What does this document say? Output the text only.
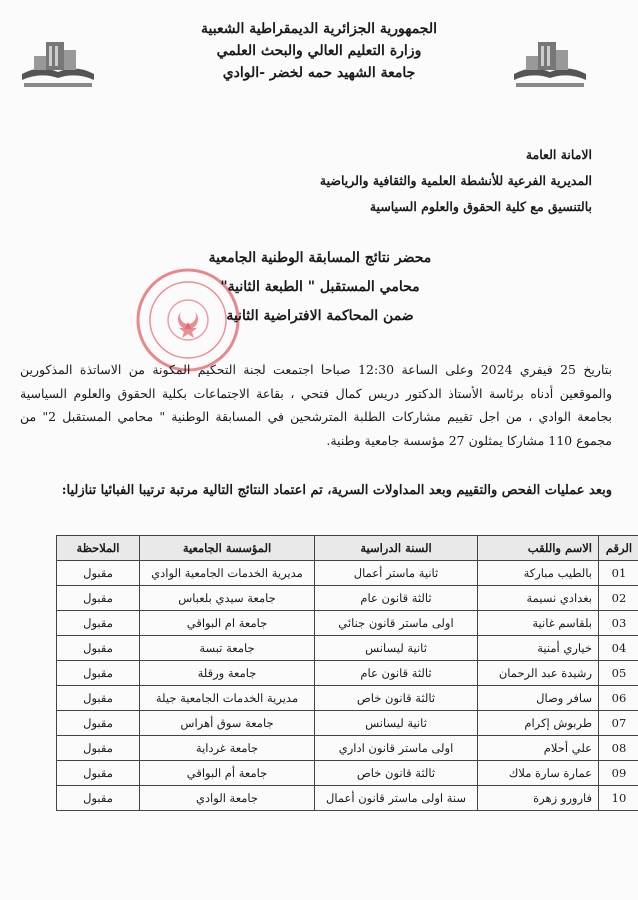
الجمهورية الجزائرية الديمقراطية الشعبية
وزارة التعليم العالي والبحث العلمي
جامعة الشهيد حمه لخضر -الوادي
الامانة العامة
المديرية الفرعية للأنشطة العلمية والثقافية والرياضية
بالتنسيق مع كلية الحقوق والعلوم السياسية
محضر نتائج المسابقة الوطنية الجامعية
محامي المستقبل " الطبعة الثانية"
ضمن المحاكمة الافتراضية الثانية

بتاريخ 25 فيفري 2024 وعلى الساعة 12:30 صباحا اجتمعت لجنة التحكيم المكونة من الاساتذة المذكورين والموقعين أدناه برئاسة الأستاذ الدكتور دريس كمال فتحي ، بقاعة الاجتماعات بكلية الحقوق والعلوم السياسية بجامعة الوادي ، من اجل تقييم مشاركات الطلبة المترشحين في المسابقة الوطنية " محامي المستقبل 2" من مجموع 110 مشاركا يمثلون 27 مؤسسة جامعية وطنية.

وبعد عمليات الفحص والتقييم وبعد المداولات السرية، تم اعتماد النتائج التالية مرتبة ترتيبا الفبائيا تنازليا:

الرقم	الاسم واللقب	السنة الدراسية	المؤسسة الجامعية	الملاحظة
01	بالطيب مباركة	ثانية ماستر أعمال	مديرية الخدمات الجامعية الوادي	مقبول
02	بغدادي نسيمة	ثالثة قانون عام	جامعة سيدي بلعباس	مقبول
03	بلقاسم غانية	اولى ماستر قانون جنائي	جامعة ام البواقي	مقبول
04	خياري أمنية	ثانية ليسانس	جامعة تبسة	مقبول
05	رشيدة عبد الرحمان	ثالثة قانون عام	جامعة ورقلة	مقبول
06	سافر وصال	ثالثة قانون خاص	مديرية الخدمات الجامعية جيلة	مقبول
07	طربوش إكرام	ثانية ليسانس	جامعة سوق أهراس	مقبول
08	علي أحلام	اولى ماستر قانون اداري	جامعة غرداية	مقبول
09	عمارة سارة ملاك	ثالثة قانون خاص	جامعة أم البواقي	مقبول
10	فارورو زهرة	سنة اولى ماستر قانون أعمال	جامعة الوادي	مقبول
